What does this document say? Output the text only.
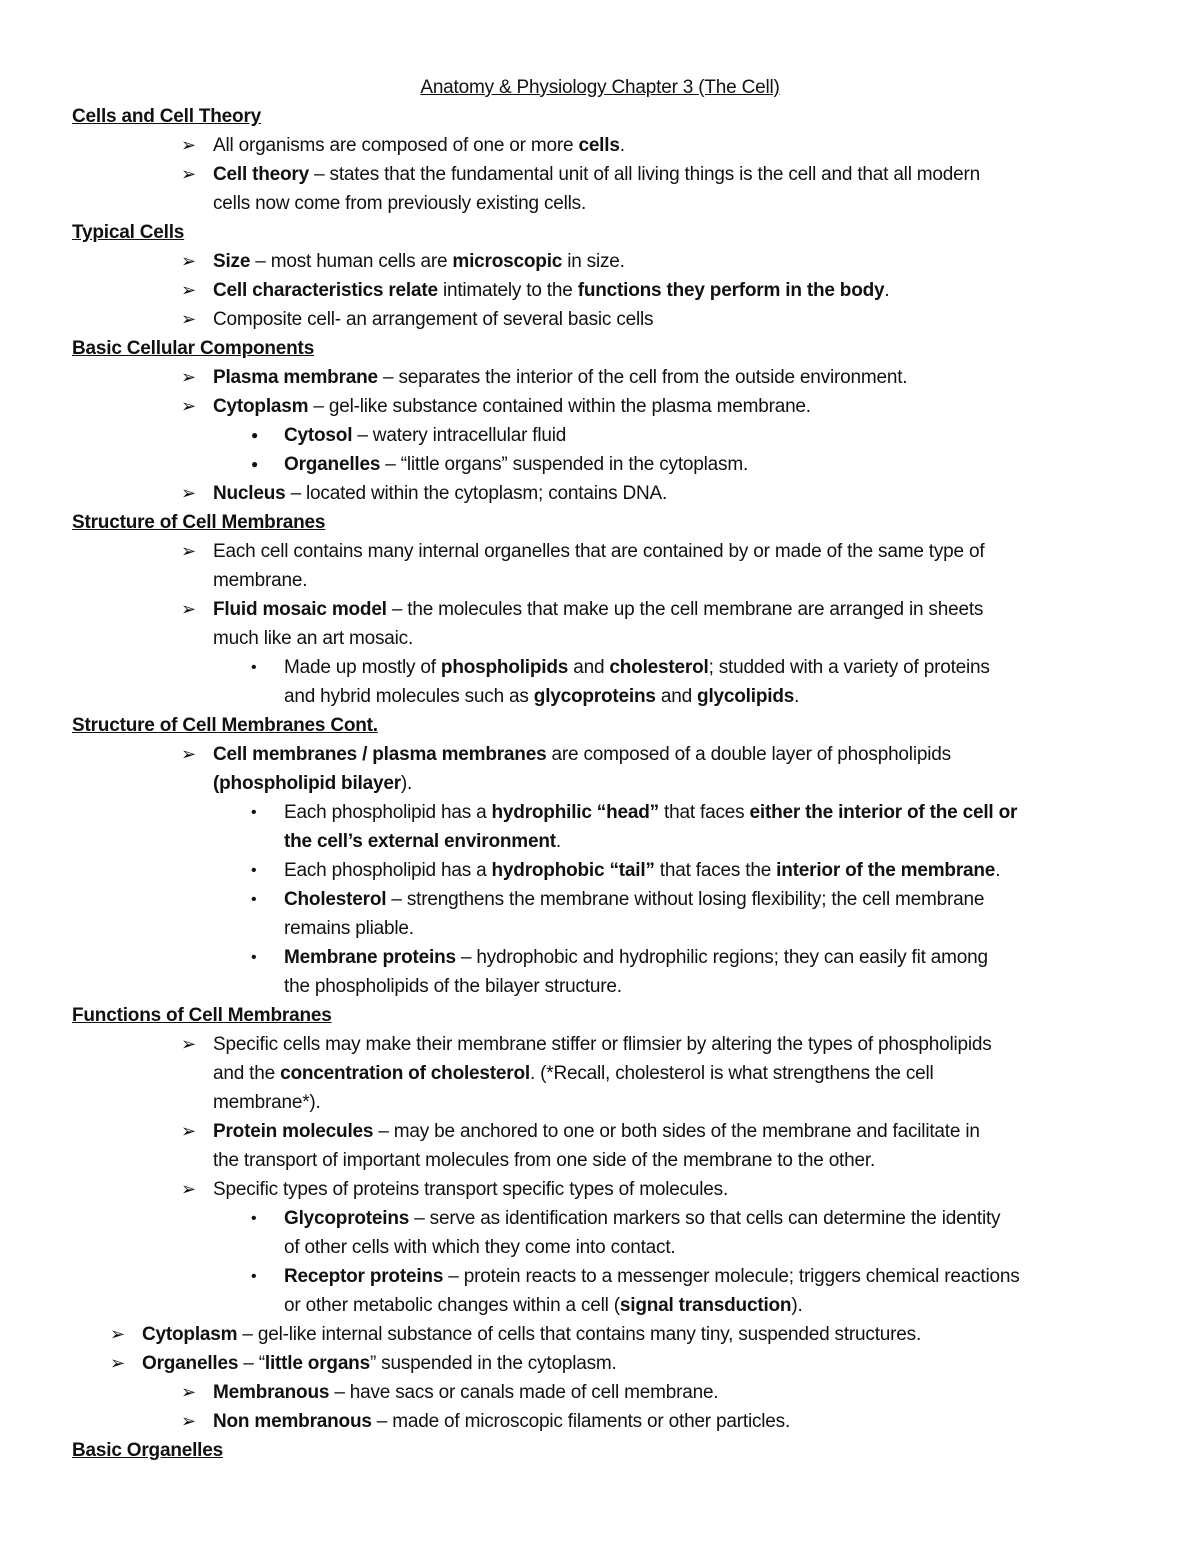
Anatomy & Physiology Chapter 3 (The Cell)
Cells and Cell Theory
All organisms are composed of one or more cells.
➢
Cell theory – states that the fundamental unit of all living things is the cell and that all modern
➢
cells now come from previously existing cells.
Typical Cells
Size – most human cells are microscopic in size.
➢
Cell characteristics relate intimately to the functions they perform in the body.
➢
Composite cell- an arrangement of several basic cells
➢
Basic Cellular Components
Plasma membrane – separates the interior of the cell from the outside environment.
➢
Cytoplasm – gel-like substance contained within the plasma membrane.
➢
Cytosol – watery intracellular fluid
●
Organelles – “little organs” suspended in the cytoplasm.
●
Nucleus – located within the cytoplasm; contains DNA.
➢
Structure of Cell Membranes
Each cell contains many internal organelles that are contained by or made of the same type of
➢
membrane.
Fluid mosaic model – the molecules that make up the cell membrane are arranged in sheets
➢
much like an art mosaic.
Made up mostly of phospholipids and cholesterol; studded with a variety of proteins
•
and hybrid molecules such as glycoproteins and glycolipids.
Structure of Cell Membranes Cont.
Cell membranes / plasma membranes are composed of a double layer of phospholipids
➢
(phospholipid bilayer).
Each phospholipid has a hydrophilic “head” that faces either the interior of the cell or
•
the cell’s external environment.
Each phospholipid has a hydrophobic “tail” that faces the interior of the membrane.
•
Cholesterol – strengthens the membrane without losing flexibility; the cell membrane
•
remains pliable.
Membrane proteins – hydrophobic and hydrophilic regions; they can easily fit among
•
the phospholipids of the bilayer structure.
Functions of Cell Membranes
Specific cells may make their membrane stiffer or flimsier by altering the types of phospholipids
➢
and the concentration of cholesterol. (*Recall, cholesterol is what strengthens the cell
membrane*).
Protein molecules – may be anchored to one or both sides of the membrane and facilitate in
➢
the transport of important molecules from one side of the membrane to the other.
Specific types of proteins transport specific types of molecules.
➢
Glycoproteins – serve as identification markers so that cells can determine the identity
•
of other cells with which they come into contact.
Receptor proteins – protein reacts to a messenger molecule; triggers chemical reactions
•
or other metabolic changes within a cell (signal transduction).
Cytoplasm – gel-like internal substance of cells that contains many tiny, suspended structures.
➢
Organelles – “little organs” suspended in the cytoplasm.
➢
Membranous – have sacs or canals made of cell membrane.
➢
Non membranous – made of microscopic filaments or other particles.
➢
Basic Organelles
